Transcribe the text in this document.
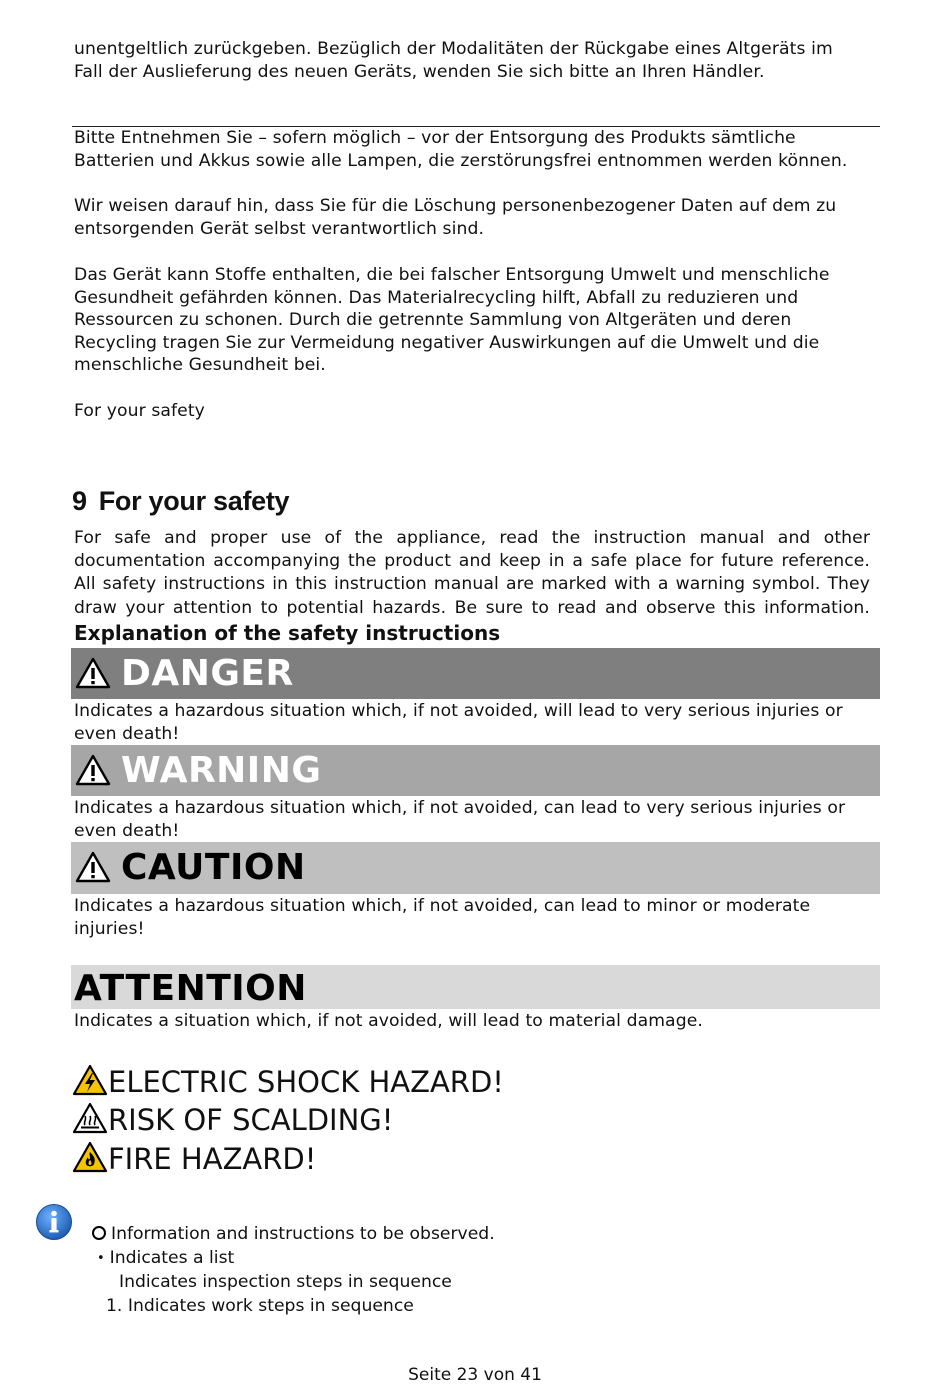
unentgeltlich zurückgeben. Bezüglich der Modalitäten der Rückgabe eines Altgeräts im
Fall der Auslieferung des neuen Geräts, wenden Sie sich bitte an Ihren Händler.
Bitte Entnehmen Sie – sofern möglich – vor der Entsorgung des Produkts sämtliche
Batterien und Akkus sowie alle Lampen, die zerstörungsfrei entnommen werden können.
Wir weisen darauf hin, dass Sie für die Löschung personenbezogener Daten auf dem zu
entsorgenden Gerät selbst verantwortlich sind.
Das Gerät kann Stoffe enthalten, die bei falscher Entsorgung Umwelt und menschliche
Gesundheit gefährden können. Das Materialrecycling hilft, Abfall zu reduzieren und
Ressourcen zu schonen. Durch die getrennte Sammlung von Altgeräten und deren
Recycling tragen Sie zur Vermeidung negativer Auswirkungen auf die Umwelt und die
menschliche Gesundheit bei.
For your safety
9 For your safety
For safe and proper use of the appliance, read the instruction manual and other
documentation accompanying the product and keep in a safe place for future reference.
All safety instructions in this instruction manual are marked with a warning symbol. They
draw your attention to potential hazards. Be sure to read and observe this information.
Explanation of the safety instructions
DANGER
Indicates a hazardous situation which, if not avoided, will lead to very serious injuries or
even death!
WARNING
Indicates a hazardous situation which, if not avoided, can lead to very serious injuries or
even death!
CAUTION
Indicates a hazardous situation which, if not avoided, can lead to minor or moderate
injuries!
ATTENTION
Indicates a situation which, if not avoided, will lead to material damage.
ELECTRIC SHOCK HAZARD!
RISK OF SCALDING!
FIRE HAZARD!
Information and instructions to be observed.
• Indicates a list
Indicates inspection steps in sequence
1. Indicates work steps in sequence
Seite 23 von 41
